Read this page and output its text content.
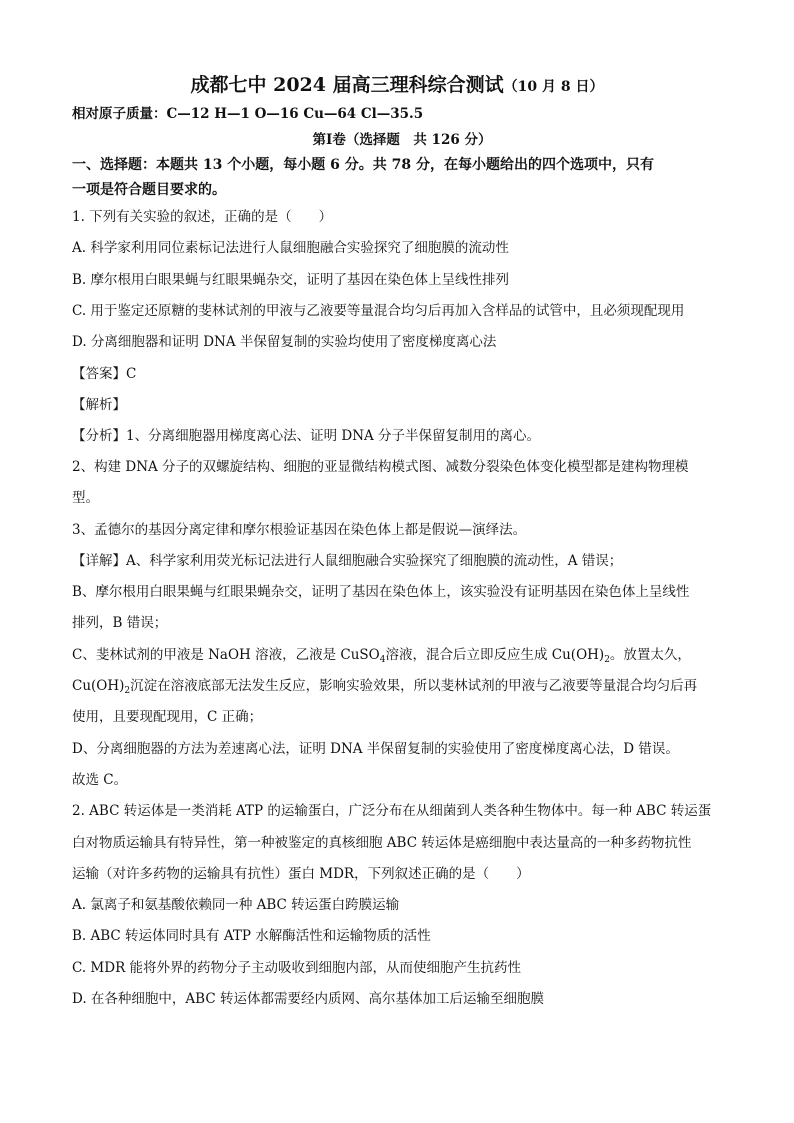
成都七中 2024 届高三理科综合测试（10 月 8 日）
相对原子质量：C—12 H—1 O—16 Cu—64 Cl—35.5
第Ⅰ卷（选择题　共 126 分）
一、选择题：本题共 13 个小题，每小题 6 分。共 78 分，在每小题给出的四个选项中，只有
一项是符合题目要求的。
1. 下列有关实验的叙述，正确的是（　　）
A. 科学家利用同位素标记法进行人鼠细胞融合实验探究了细胞膜的流动性
B. 摩尔根用白眼果蝇与红眼果蝇杂交，证明了基因在染色体上呈线性排列
C. 用于鉴定还原糖的斐林试剂的甲液与乙液要等量混合均匀后再加入含样品的试管中，且必须现配现用
D. 分离细胞器和证明 DNA 半保留复制的实验均使用了密度梯度离心法
【答案】C
【解析】
【分析】1、分离细胞器用梯度离心法、证明 DNA 分子半保留复制用的离心。
2、构建 DNA 分子的双螺旋结构、细胞的亚显微结构模式图、减数分裂染色体变化模型都是建构物理模
型。
3、孟德尔的基因分离定律和摩尔根验证基因在染色体上都是假说—演绎法。
【详解】A、科学家利用荧光标记法进行人鼠细胞融合实验探究了细胞膜的流动性，A 错误；
B、摩尔根用白眼果蝇与红眼果蝇杂交，证明了基因在染色体上，该实验没有证明基因在染色体上呈线性
排列，B 错误；
C、斐林试剂的甲液是 NaOH 溶液，乙液是 CuSO$_4$溶液，混合后立即反应生成 $Cu(OH)_2$。放置太久，
$Cu(OH)_2$沉淀在溶液底部无法发生反应，影响实验效果，所以斐林试剂的甲液与乙液要等量混合均匀后再
使用，且要现配现用，C 正确；
D、分离细胞器的方法为差速离心法，证明 DNA 半保留复制的实验使用了密度梯度离心法，D 错误。
故选 C。
2. ABC 转运体是一类消耗 ATP 的运输蛋白，广泛分布在从细菌到人类各种生物体中。每一种 ABC 转运蛋
白对物质运输具有特异性，第一种被鉴定的真核细胞 ABC 转运体是癌细胞中表达量高的一种多药物抗性
运输（对许多药物的运输具有抗性）蛋白 MDR，下列叙述正确的是（　　）
A. 氯离子和氨基酸依赖同一种 ABC 转运蛋白跨膜运输
B. ABC 转运体同时具有 ATP 水解酶活性和运输物质的活性
C. MDR 能将外界的药物分子主动吸收到细胞内部，从而使细胞产生抗药性
D. 在各种细胞中，ABC 转运体都需要经内质网、高尔基体加工后运输至细胞膜
